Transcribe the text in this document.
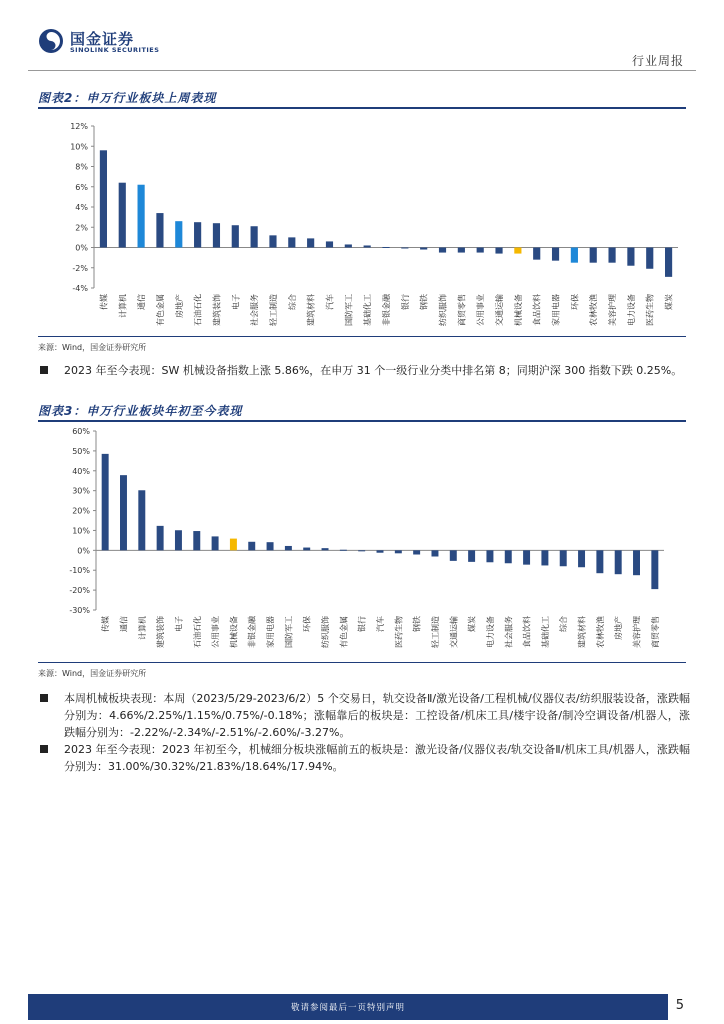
国金证券
SINOLINK SECURITIES
行业周报
图表2：申万行业板块上周表现
-4%
-2%
0%
2%
4%
6%
8%
10%
12%
传媒 计算机 通信 有色金属 房地产 石油石化 建筑装饰 电子 社会服务 轻工制造 综合 建筑材料 汽车 国防军工 基础化工 非银金融 银行 钢铁 纺织服饰 商贸零售 公用事业 交通运输 机械设备 食品饮料 家用电器 环保 农林牧渔 美容护理 电力设备 医药生物 煤炭
来源：Wind，国金证券研究所
2023 年至今表现：SW 机械设备指数上涨 5.86%，在申万 31 个一级行业分类中排名第 8；同期沪深 300 指数下跌 0.25%。
图表3：申万行业板块年初至今表现
-30%
-20%
-10%
0%
10%
20%
30%
40%
50%
60%
传媒 通信 计算机 建筑装饰 电子 石油石化 公用事业 机械设备 非银金融 家用电器 国防军工 环保 纺织服饰 有色金属 银行 汽车 医药生物 钢铁 轻工制造 交通运输 煤炭 电力设备 社会服务 食品饮料 基础化工 综合 建筑材料 农林牧渔 房地产 美容护理 商贸零售
来源：Wind，国金证券研究所
本周机械板块表现：本周（2023/5/29-2023/6/2）5 个交易日，轨交设备Ⅱ/激光设备/工程机械/仪器仪表/纺织服装设备，涨跌幅分别为：4.66%/2.25%/1.15%/0.75%/-0.18%；涨幅靠后的板块是：工控设备/机床工具/楼宇设备/制冷空调设备/机器人，涨跌幅分别为：-2.22%/-2.34%/-2.51%/-2.60%/-3.27%。
2023 年至今表现：2023 年初至今，机械细分板块涨幅前五的板块是：激光设备/仪器仪表/轨交设备Ⅱ/机床工具/机器人，涨跌幅分别为：31.00%/30.32%/21.83%/18.64%/17.94%。
敬请参阅最后一页特别声明	5
